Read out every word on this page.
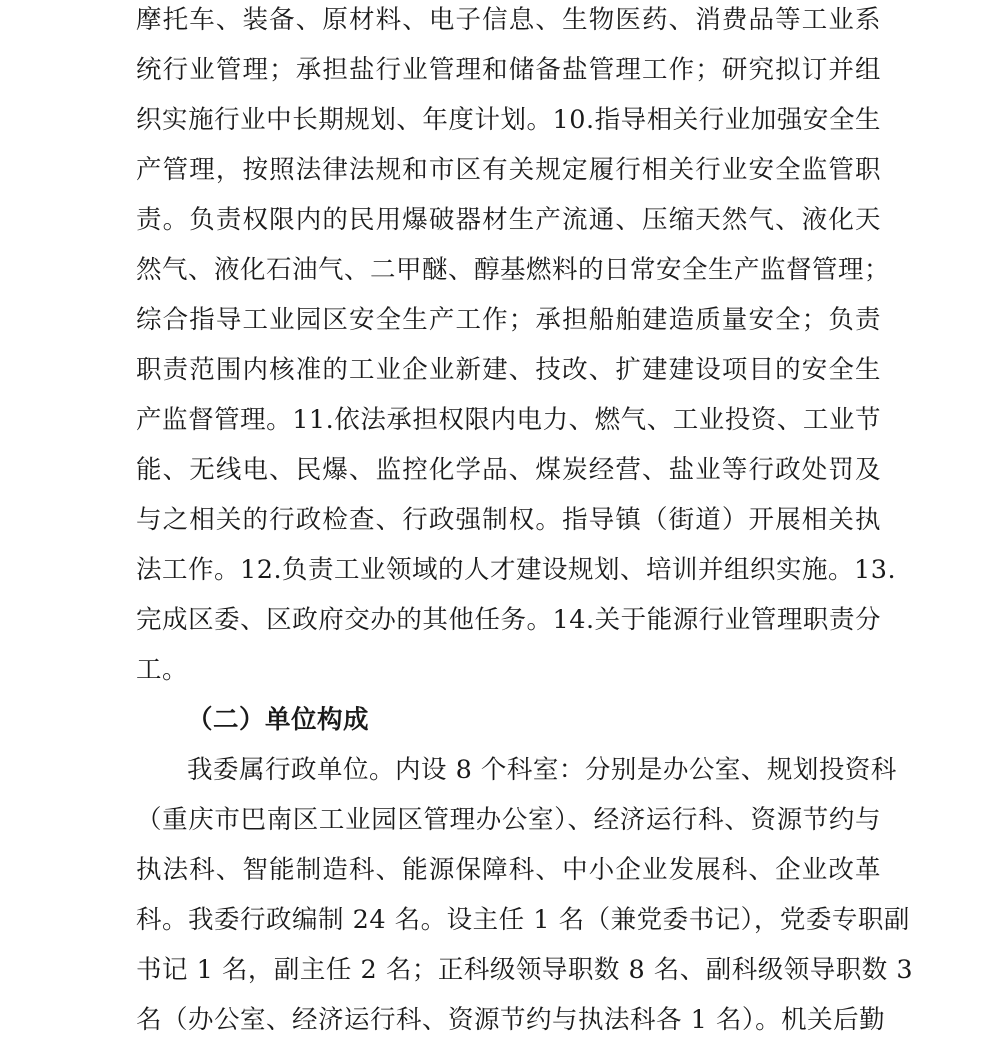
摩托车、装备、原材料、电子信息、生物医药、消费品等工业系
统行业管理；承担盐行业管理和储备盐管理工作；研究拟订并组
织实施行业中长期规划、年度计划。10.指导相关行业加强安全生
产管理，按照法律法规和市区有关规定履行相关行业安全监管职
责。负责权限内的民用爆破器材生产流通、压缩天然气、液化天
然气、液化石油气、二甲醚、醇基燃料的日常安全生产监督管理；
综合指导工业园区安全生产工作；承担船舶建造质量安全；负责
职责范围内核准的工业企业新建、技改、扩建建设项目的安全生
产监督管理。11.依法承担权限内电力、燃气、工业投资、工业节
能、无线电、民爆、监控化学品、煤炭经营、盐业等行政处罚及
与之相关的行政检查、行政强制权。指导镇（街道）开展相关执
法工作。12.负责工业领域的人才建设规划、培训并组织实施。13.
完成区委、区政府交办的其他任务。14.关于能源行业管理职责分
工。
（二）单位构成
我委属行政单位。内设 8 个科室：分别是办公室、规划投资科
（重庆市巴南区工业园区管理办公室）、经济运行科、资源节约与
执法科、智能制造科、能源保障科、中小企业发展科、企业改革
科。我委行政编制 24 名。设主任 1 名（兼党委书记），党委专职副
书记 1 名，副主任 2 名；正科级领导职数 8 名、副科级领导职数 3
名（办公室、经济运行科、资源节约与执法科各 1 名）。机关后勤
